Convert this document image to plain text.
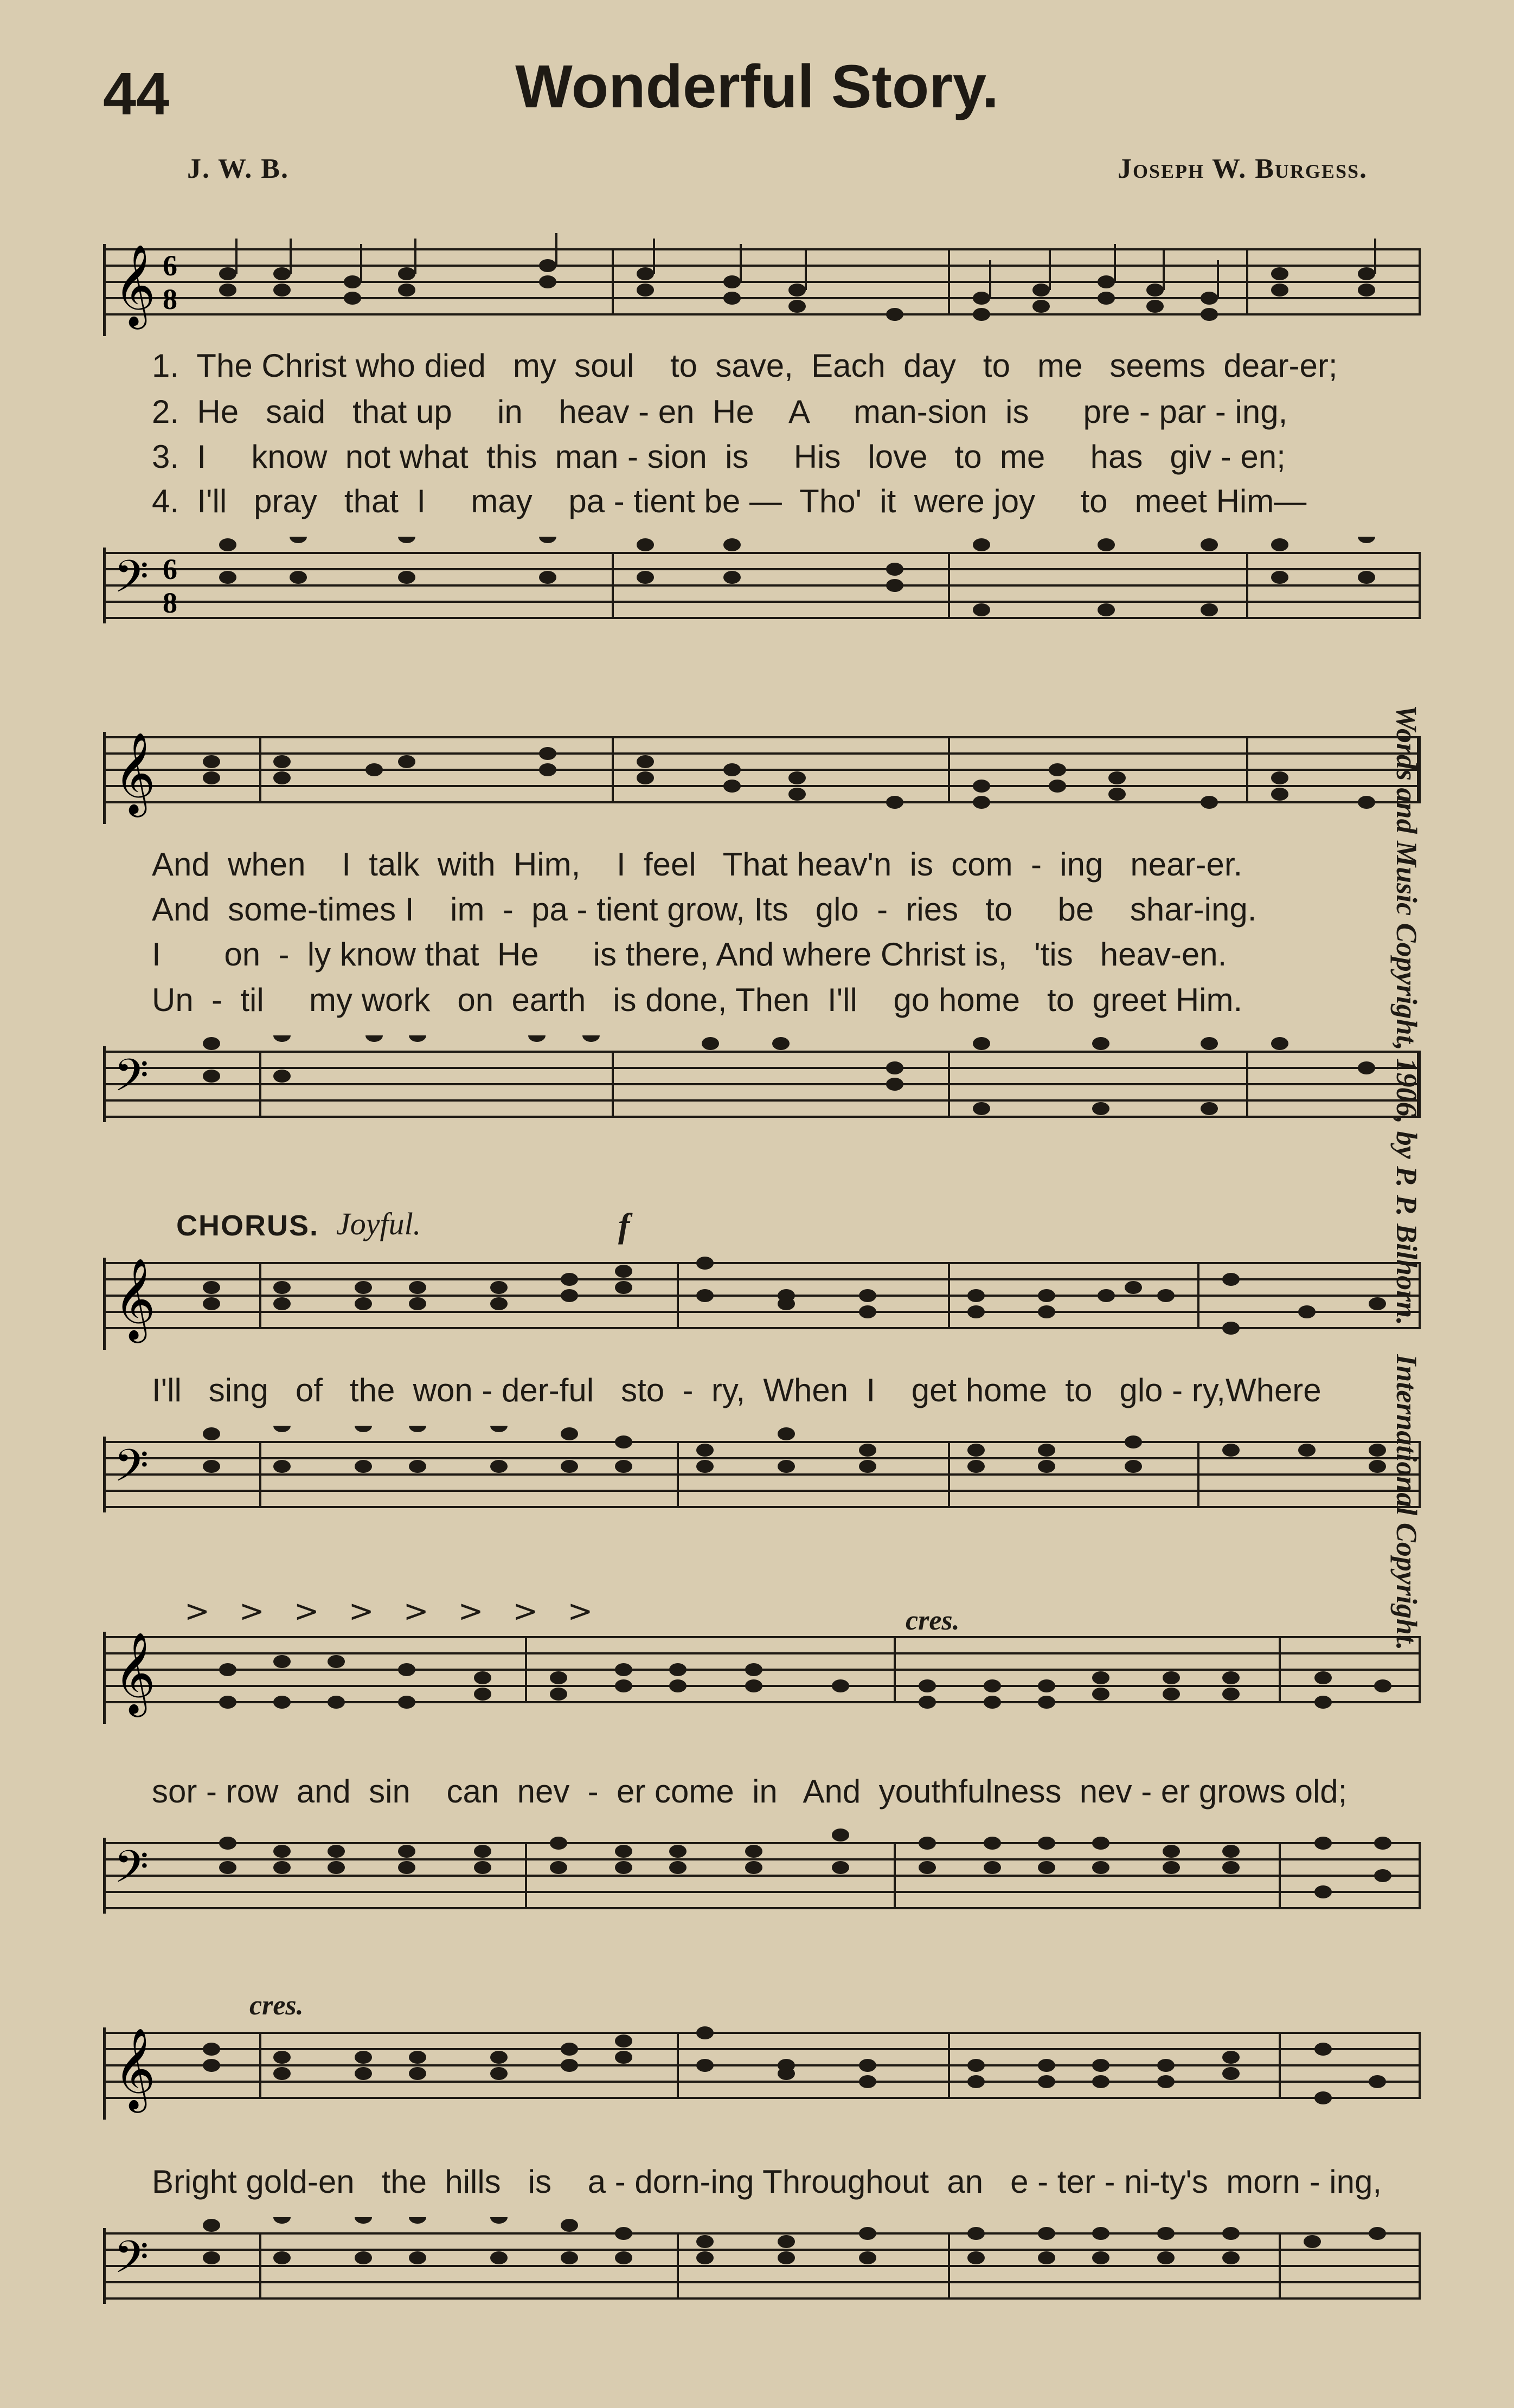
44	Wonderful Story.
J. W. B.	Joseph W. Burgess.
𝄞 6
8
1.  The Christ who died   my  soul    to  save,  Each  day   to   me   seems  dear-er;
2.  He   said   that up     in    heav - en  He    A     man-sion  is      pre - par - ing,
3.  I     know  not what  this  man - sion  is     His   love   to  me     has   giv - en;
4.  I'll   pray   that  I     may    pa - tient be —  Tho'  it  were joy     to   meet Him—
𝄢 6
8
𝄞
And  when    I  talk  with  Him,    I  feel   That heav'n  is  com  -  ing   near-er.
And  some-times I    im  -  pa - tient grow, Its   glo  -  ries   to     be    shar-ing.
I       on  -  ly know that  He      is there, And where Christ is,   'tis   heav-en.
Un  -  til     my work   on  earth   is done, Then  I'll    go home   to  greet Him.
𝄢
CHORUS. Joyful.	f
𝄞
I'll   sing   of   the  won - der-ful   sto  -  ry,  When  I    get home  to   glo - ry,Where
𝄢
>>>>>>>>	cres.
𝄞
sor - row  and  sin    can  nev  -  er come  in   And  youthfulness  nev - er grows old;
𝄢
cres.
𝄞
Bright gold-en   the  hills   is    a - dorn-ing Throughout  an   e - ter - ni-ty's  morn - ing,
𝄢
Words and Music Copyright, 1906, by P. P. Bilhorn. International Copyright.
